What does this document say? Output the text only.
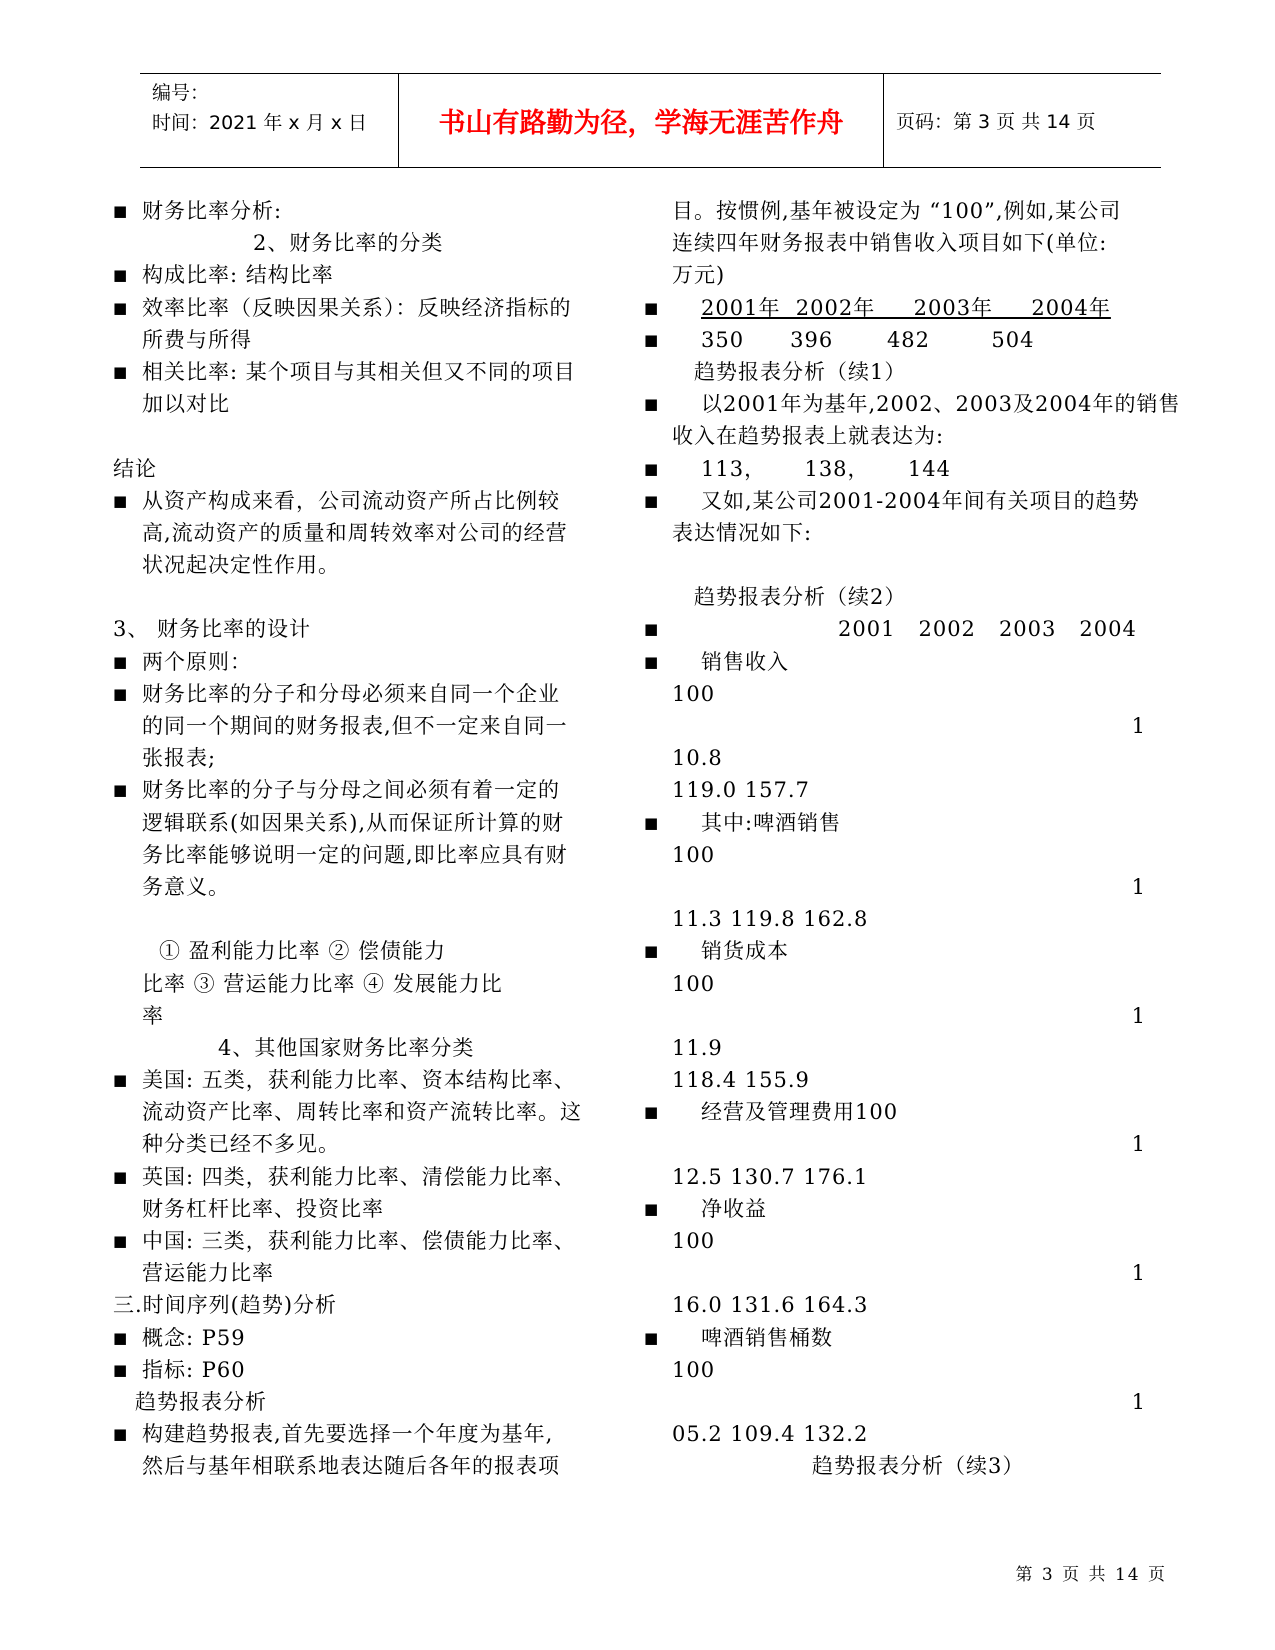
编号：
时间：2021 年 x 月 x 日	书山有路勤为径，学海无涯苦作舟	页码：第 3 页 共 14 页
■ 财务比率分析:
2、财务比率的分类
■ 构成比率: 结构比率
■ 效率比率（反映因果关系）：反映经济指标的
所费与所得
■ 相关比率: 某个项目与其相关但又不同的项目
加以对比
结论
■ 从资产构成来看，公司流动资产所占比例较
高,流动资产的质量和周转效率对公司的经营
状况起决定性作用。
3、 财务比率的设计
■ 两个原则：
■ 财务比率的分子和分母必须来自同一个企业
的同一个期间的财务报表,但不一定来自同一
张报表;
■ 财务比率的分子与分母之间必须有着一定的
逻辑联系(如因果关系),从而保证所计算的财
务比率能够说明一定的问题,即比率应具有财
务意义。
① 盈利能力比率 ② 偿债能力
比率 ③ 营运能力比率 ④ 发展能力比
率
4、其他国家财务比率分类
■ 美国: 五类，获利能力比率、资本结构比率、
流动资产比率、周转比率和资产流转比率。这
种分类已经不多见。
■ 英国: 四类，获利能力比率、清偿能力比率、
财务杠杆比率、投资比率
■ 中国: 三类，获利能力比率、偿债能力比率、
营运能力比率
三.时间序列(趋势)分析
■ 概念: P59
■ 指标: P60
趋势报表分析
■ 构建趋势报表,首先要选择一个年度为基年,
然后与基年相联系地表达随后各年的报表项
目。按惯例,基年被设定为 “100”,例如,某公司
连续四年财务报表中销售收入项目如下(单位:
万元)
■ 2001年  2002年     2003年     2004年
■ 350      396       482        504
趋势报表分析（续1）
■ 以2001年为基年,2002、2003及2004年的销售
收入在趋势报表上就表达为:
■ 113，     138，     144
■ 又如,某公司2001-2004年间有关项目的趋势
表达情况如下:
趋势报表分析（续2）
■ 2001   2002   2003   2004
■ 销售收入
100
1
10.8
119.0 157.7
■ 其中:啤酒销售
100
1
11.3 119.8 162.8
■ 销货成本
100
1
11.9
118.4 155.9
■ 经营及管理费用100
1
12.5 130.7 176.1
■ 净收益
100
1
16.0 131.6 164.3
■ 啤酒销售桶数
100
1
05.2 109.4 132.2
趋势报表分析（续3）
第 3 页 共 14 页
